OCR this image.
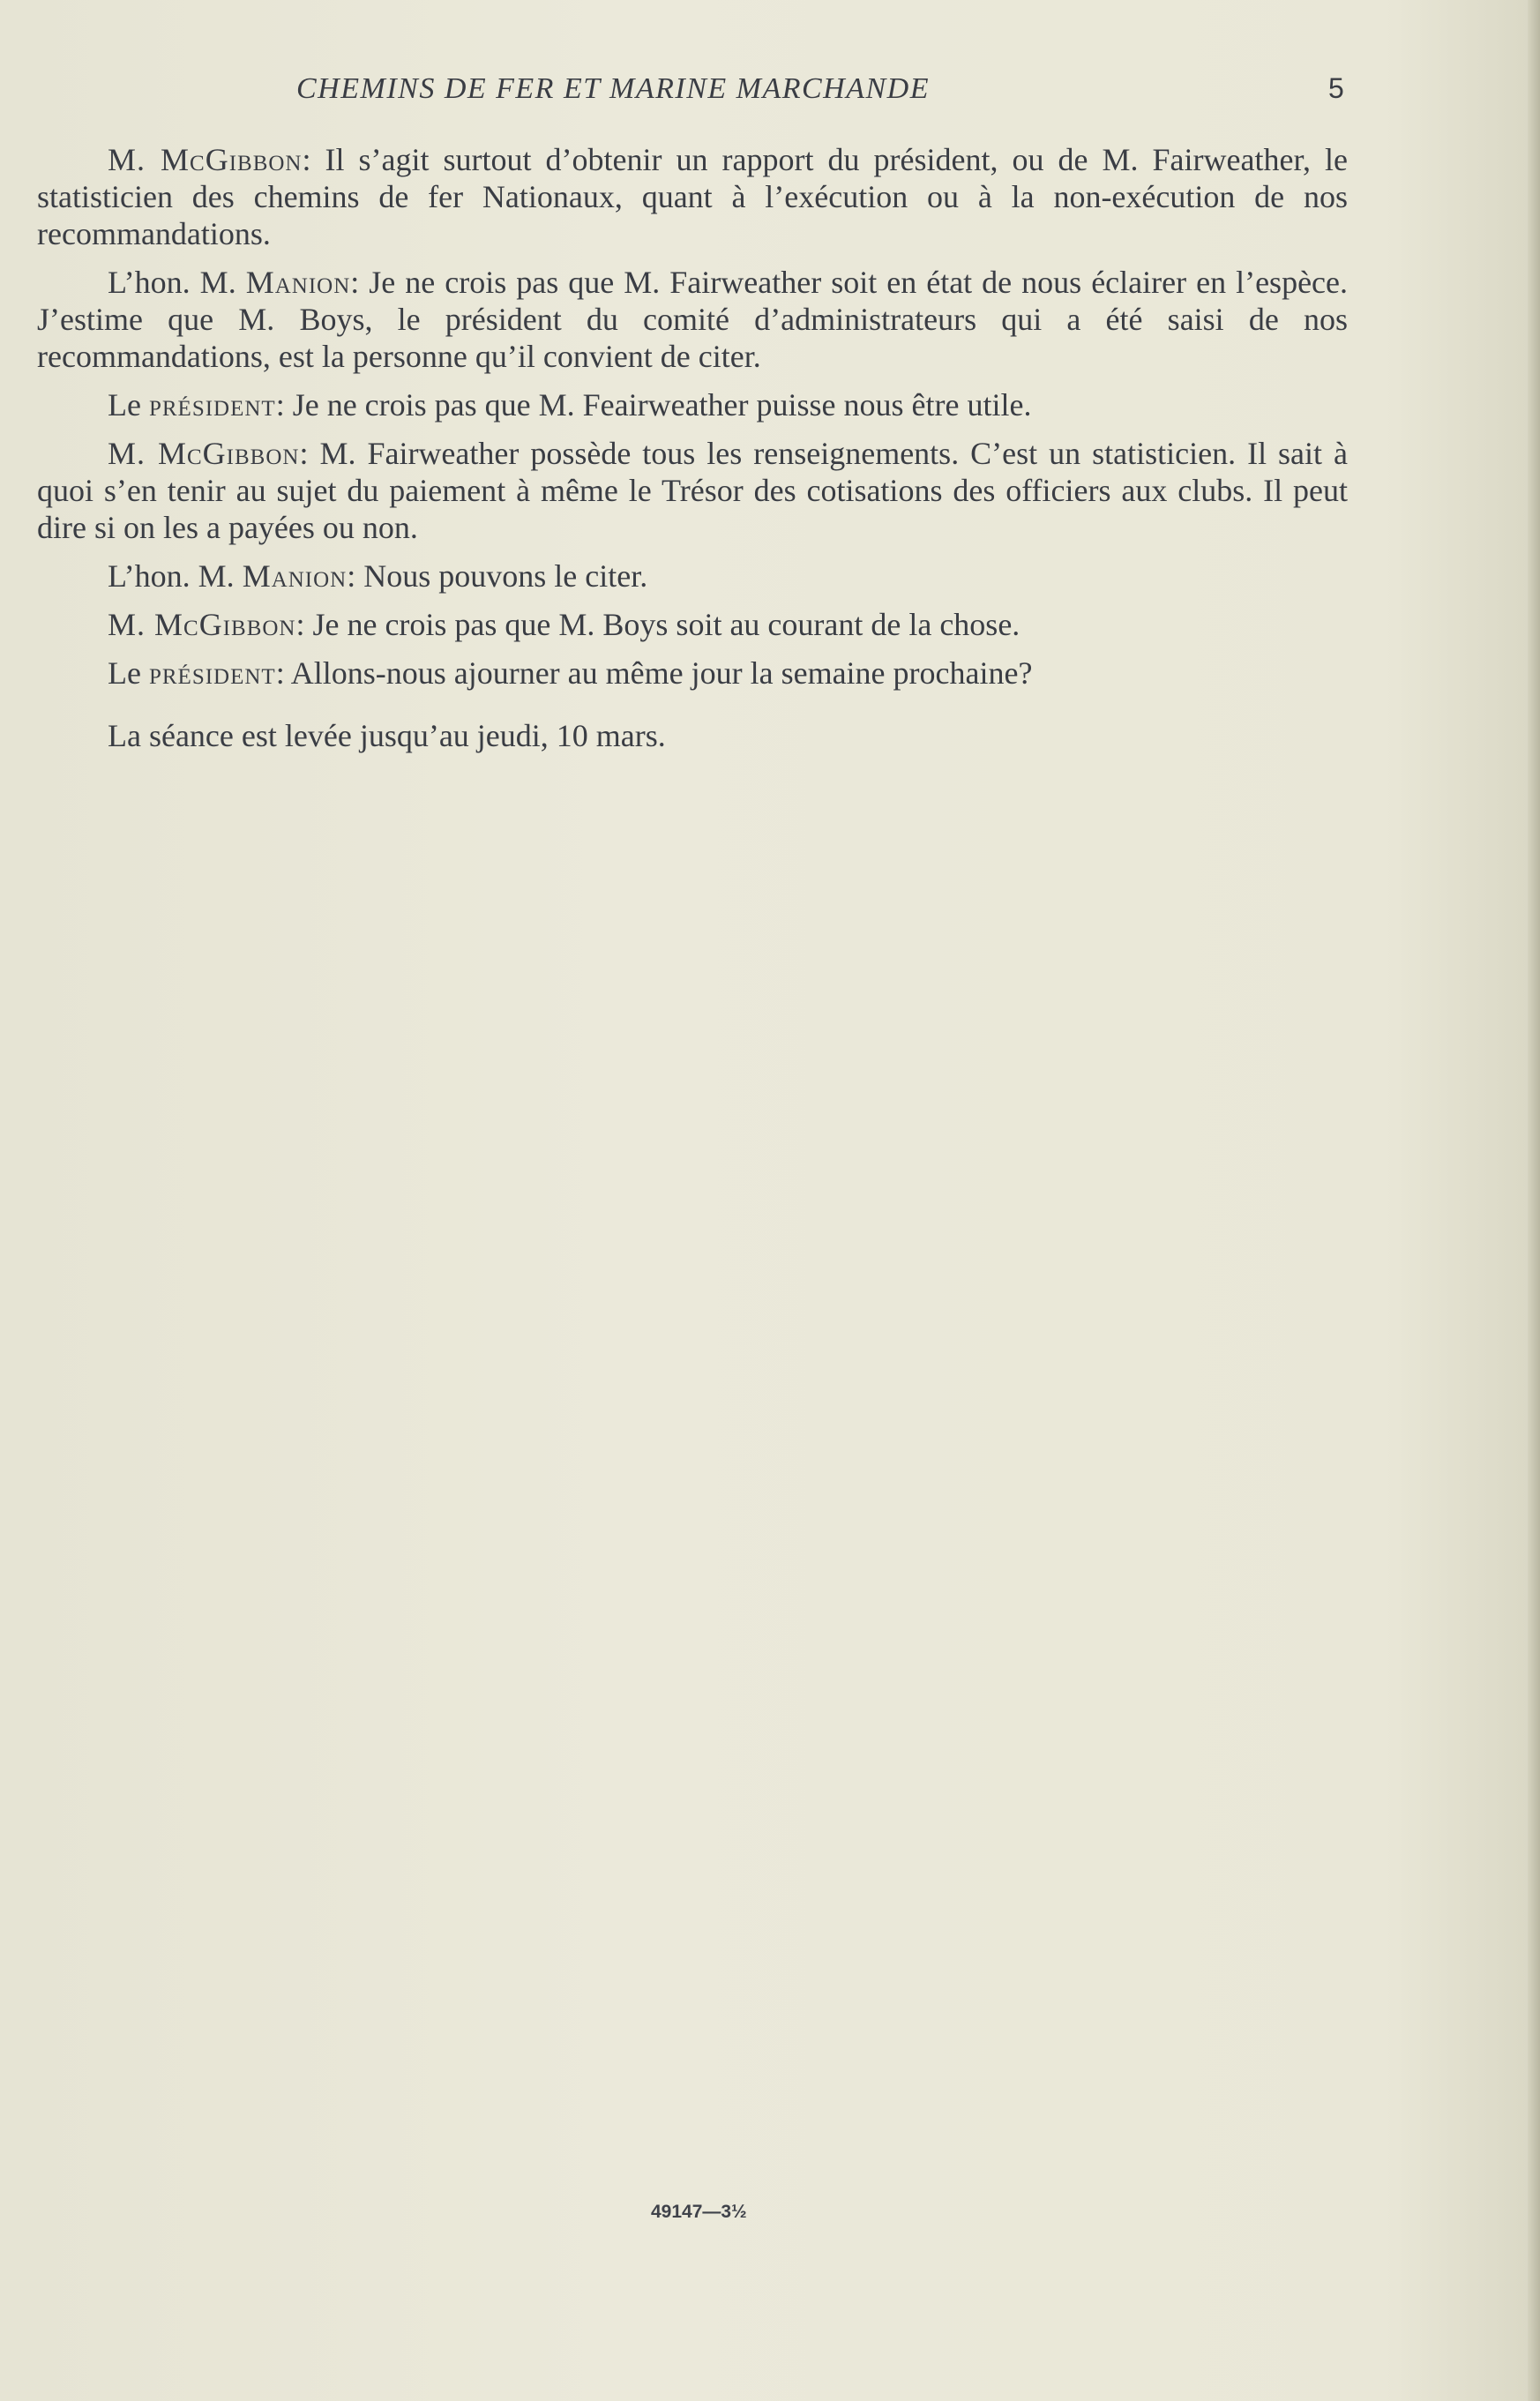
CHEMINS DE FER ET MARINE MARCHANDE	5

M. McGibbon: Il s’agit surtout d’obtenir un rapport du président, ou de M. Fairweather, le statisticien des chemins de fer Nationaux, quant à l’exécution ou à la non-exécution de nos recommandations.

L’hon. M. Manion: Je ne crois pas que M. Fairweather soit en état de nous éclairer en l’espèce. J’estime que M. Boys, le président du comité d’administrateurs qui a été saisi de nos recommandations, est la personne qu’il convient de citer.

Le président: Je ne crois pas que M. Feairweather puisse nous être utile.

M. McGibbon: M. Fairweather possède tous les renseignements. C’est un statisticien. Il sait à quoi s’en tenir au sujet du paiement à même le Trésor des cotisations des officiers aux clubs. Il peut dire si on les a payées ou non.

L’hon. M. Manion: Nous pouvons le citer.

M. McGibbon: Je ne crois pas que M. Boys soit au courant de la chose.

Le président: Allons-nous ajourner au même jour la semaine prochaine?

La séance est levée jusqu’au jeudi, 10 mars.

49147—3½
